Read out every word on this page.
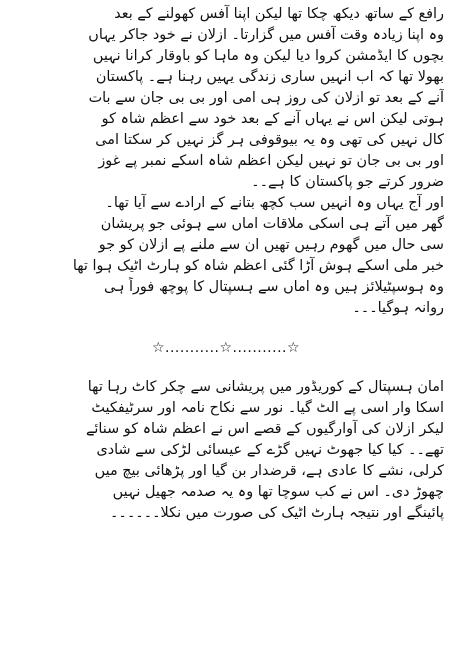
رافع کے ساتھ دیکھ چکا تھا لیکن اپنا آفس کھولنے کے بعد
وہ اپنا زیادہ وقت آفس میں گزارتا۔ ازلان نے خود جاکر یہاں
بچوں کا ایڈمشن کروا دیا لیکن وہ ماہا کو باوقار کرانا نہیں
بھولا تھا کہ اب انہیں ساری زندگی یہیں رہنا ہے۔ پاکستان
آنے کے بعد تو ازلان کی روز ہی امی اور بی بی جان سے بات
ہوتی لیکن اس نے یہاں آنے کے بعد خود سے اعظم شاہ کو
کال نہیں کی تھی وہ یہ بیوقوفی ہر گز نہیں کر سکتا امی
اور بی بی جان تو نہیں لیکن اعظم شاہ اسکے نمبر پے غوز
ضرور کرتے جو پاکستان کا ہے۔۔
اور آج یہاں وہ انہیں سب کچھ بتانے کے ارادے سے آیا تھا۔
گھر میں آتے ہی اسکی ملاقات اماں سے ہوئی جو پریشان
سی حال میں گھوم رہیں تھیں ان سے ملنے پے ازلان کو جو
خبر ملی اسکے ہوش آڑا گئی اعظم شاہ کو ہارٹ اٹیک ہوا تھا
وہ ہوسپٹیلائز ہیں وہ اماں سے ہسپتال کا پوچھ فوراً ہی
روانہ ہوگیا۔۔۔
☆...........☆...........☆
امان ہسپتال کے کوریڈور میں پریشانی سے چکر کاٹ رہا تھا
اسکا وار اسی پے الٹ گیا۔ نور سے نکاح نامہ اور سرٹیفکیٹ
لیکر ازلان کی آوارگیوں کے قصے اس نے اعظم شاہ کو سنائے
تھے۔۔ کیا کیا جھوٹ نہیں گڑے کے عیسائی لڑکی سے شادی
کرلی، نشے کا عادی ہے، قرضدار بن گیا اور پڑھائی بیچ میں
چھوڑ دی۔ اس نے کب سوچا تھا وہ یہ صدمہ جھیل نہیں
پائینگے اور نتیجہ ہارٹ اٹیک کی صورت میں نکلا۔۔۔۔۔۔
